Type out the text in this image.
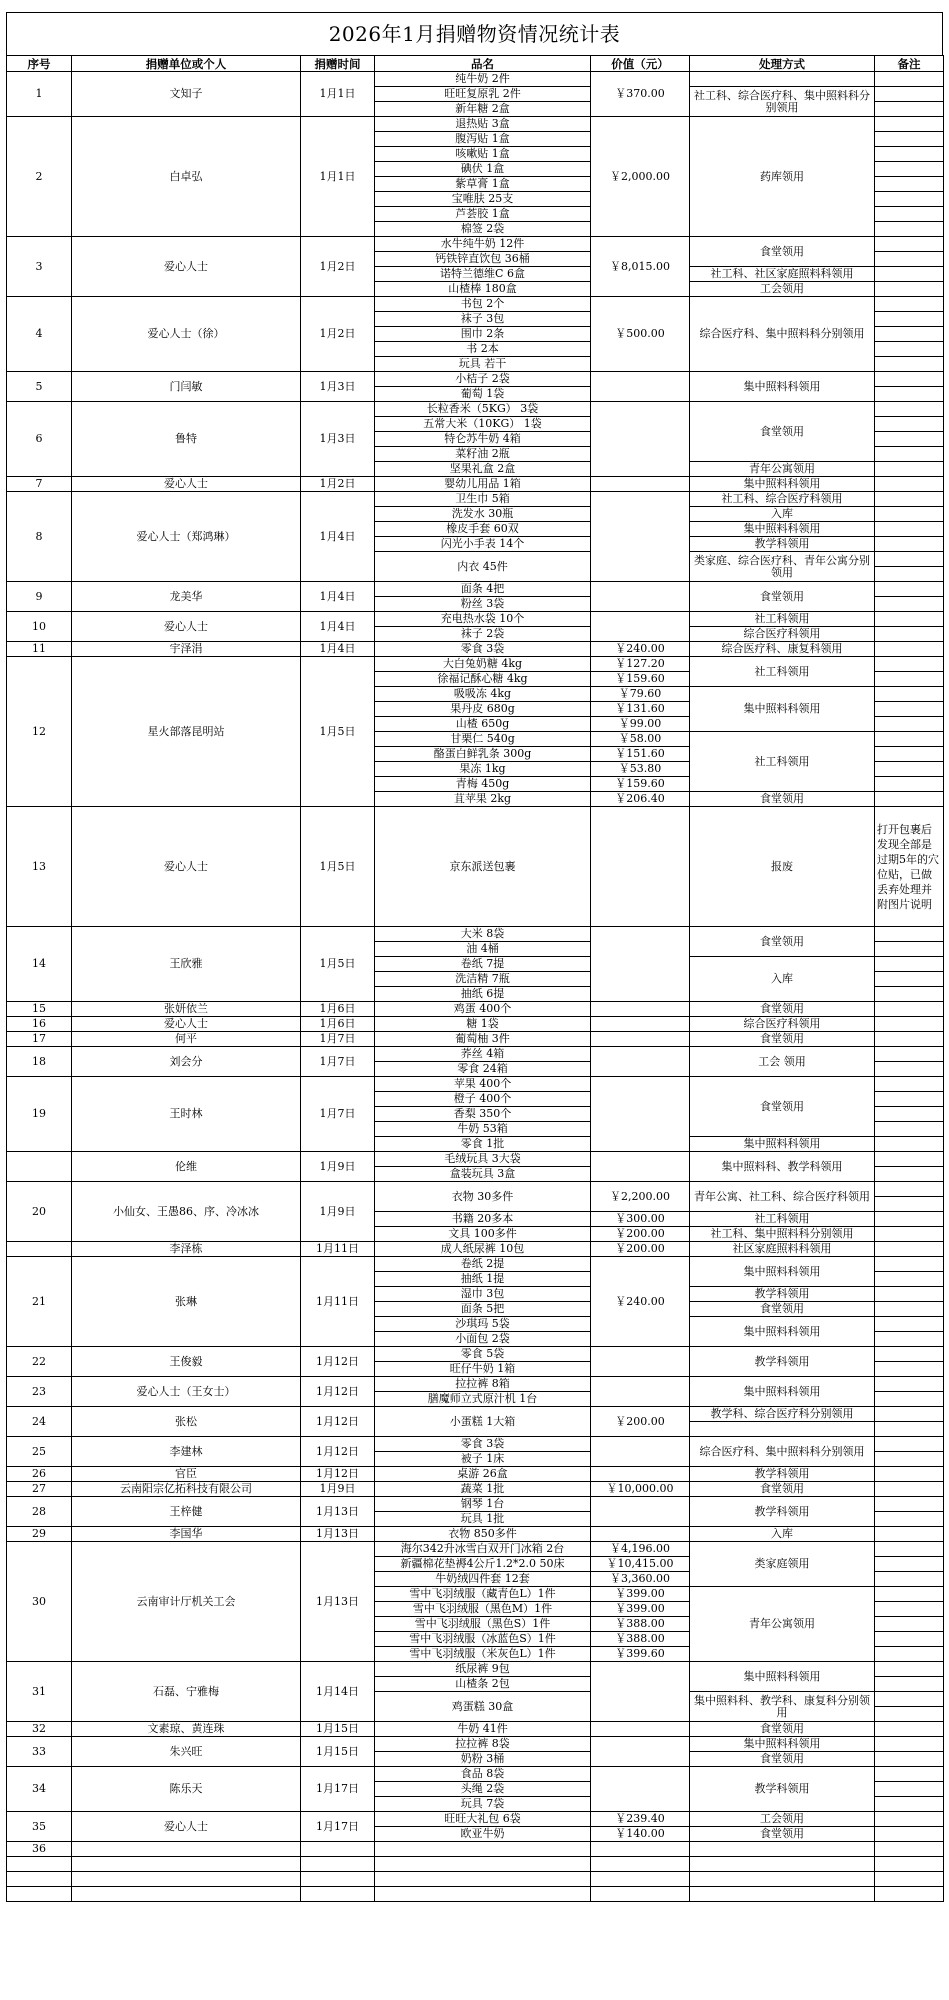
2026年1月捐赠物资情况统计表
序号	捐赠单位或个人	捐赠时间	品名	价值（元）	处理方式	备注
1	文知子	1月1日	纯牛奶 2件	￥370.00		
			旺旺复原乳 2件		社工科、综合医疗科、集中照料科分别领用	
			新年糖 2盒			
2	白卓弘	1月1日	退热贴 3盒	￥2,000.00	药库领用	
			腹泻贴 1盒			
			咳嗽贴 1盒			
			碘伏 1盒			
			紫草膏 1盒			
			宝唯肤 25支			
			芦荟胶 1盒			
			棉签 2袋			
3	爱心人士	1月2日	水牛纯牛奶 12件	￥8,015.00	食堂领用	
			钙铁锌直饮包 36桶			
			诺特兰德维C 6盒		社工科、社区家庭照料科领用	
			山楂棒 180盒		工会领用	
4	爱心人士（徐）	1月2日	书包 2个	￥500.00	综合医疗科、集中照料科分别领用	
			袜子 3包			
			围巾 2条			
			书 2本			
			玩具 若干			
5	门闫敏	1月3日	小桔子 2袋		集中照料科领用	
			葡萄 1袋			
6	鲁特	1月3日	长粒香米（5KG） 3袋		食堂领用	
			五常大米（10KG） 1袋			
			特仑苏牛奶 4箱			
			菜籽油 2瓶			
			坚果礼盒 2盒		青年公寓领用	
7	爱心人士	1月2日	婴幼儿用品 1箱		集中照料科领用	
8	爱心人士（郑鸿琳）	1月4日	卫生巾 5箱		社工科、综合医疗科领用	
			洗发水 30瓶		入库	
			橡皮手套 60双		集中照料科领用	
			闪光小手表 14个		教学科领用	
			内衣 45件		类家庭、综合医疗科、青年公寓分别领用	

9	龙美华	1月4日	面条 4把		食堂领用	
			粉丝 3袋			
10	爱心人士	1月4日	充电热水袋 10个		社工科领用	
			袜子 2袋		综合医疗科领用	
11	宇泽涓	1月4日	零食 3袋	￥240.00	综合医疗科、康复科领用	
12	星火部落昆明站	1月5日	大白兔奶糖 4kg	￥127.20	社工科领用	
			徐福记酥心糖 4kg	￥159.60		
			吸吸冻 4kg	￥79.60	集中照料科领用	
			果丹皮 680g	￥131.60		
			山楂 650g	￥99.00		
			甘栗仁 540g	￥58.00	社工科领用	
			酪蛋白鲜乳条 300g	￥151.60		
			果冻 1kg	￥53.80		
			青梅 450g	￥159.60		
			苴苹果 2kg	￥206.40	食堂领用	
13	爱心人士	1月5日	京东派送包裹		报废	打开包裹后发现全部是过期5年的穴位贴，已做丢弃处理并附图片说明

14	王欣雅	1月5日	大米 8袋		食堂领用	
			油 4桶			
			卷纸 7提		入库	
			洗洁精 7瓶			
			抽纸 6提			
15	张妍依兰	1月6日	鸡蛋 400个		食堂领用	
16	爱心人士	1月6日	糖 1袋		综合医疗科领用	
17	何平	1月7日	葡萄柚 3件		食堂领用	
18	刘会分	1月7日	荞丝 4箱		工会 领用	
			零食 24箱			
19	王时林	1月7日	苹果 400个		食堂领用	
			橙子 400个			
			香梨 350个			
			牛奶 53箱			
			零食 1批		集中照料科领用	
	伦维	1月9日	毛绒玩具 3大袋		集中照料科、教学科领用	
			盒装玩具 3盒			
20	小仙女、王愚86、序、冷冰冰	1月9日	衣物 30多件	￥2,200.00	青年公寓、社工科、综合医疗科领用	

			书籍 20多本	￥300.00	社工科领用	
			文具 100多件	￥200.00	社工科、集中照料科分别领用	
	李泽栋	1月11日	成人纸尿裤 10包	￥200.00	社区家庭照料科领用	
21	张琳	1月11日	卷纸 2提	￥240.00	集中照料科领用	
			抽纸 1提			
			湿巾 3包		教学科领用	
			面条 5把		食堂领用	
			沙琪玛 5袋		集中照料科领用	
			小面包 2袋			
22	王俊毅	1月12日	零食 5袋		教学科领用	
			旺仔牛奶 1箱			
23	爱心人士（王女士）	1月12日	拉拉裤 8箱		集中照料科领用	
			膳魔师立式原汁机 1台			
24	张松	1月12日	小蛋糕 1大箱	￥200.00	教学科、综合医疗科分别领用	

25	李建林	1月12日	零食 3袋		综合医疗科、集中照料科分别领用	
			被子 1床			
26	官臣	1月12日	桌游 26盒		教学科领用	
27	云南阳宗亿拓科技有限公司	1月9日	蔬菜 1批	￥10,000.00	食堂领用	
28	王梓健	1月13日	钢琴 1台		教学科领用	
			玩具 1批			
29	李国华	1月13日	衣物 850多件		入库	
30	云南审计厅机关工会	1月13日	海尔342升冰雪白双开门冰箱 2台	￥4,196.00	类家庭领用	
			新疆棉花垫褥4公斤1.2*2.0 50床	￥10,415.00		
			牛奶绒四件套 12套	￥3,360.00		
			雪中飞羽绒服（藏青色L）1件	￥399.00	青年公寓领用	
			雪中飞羽绒服（黑色M）1件	￥399.00		
			雪中飞羽绒服（黑色S）1件	￥388.00		
			雪中飞羽绒服（冰蓝色S）1件	￥388.00		
			雪中飞羽绒服（米灰色L）1件	￥399.60		
31	石磊、宁雅梅	1月14日	纸尿裤 9包		集中照料科领用	
			山楂条 2包			
			鸡蛋糕 30盒		集中照料科、教学科、康复科分别领用	

32	文素琼、黄连珠	1月15日	牛奶 41件		食堂领用	
33	朱兴旺	1月15日	拉拉裤 8袋		集中照料科领用	
			奶粉 3桶		食堂领用	
34	陈乐天	1月17日	食品 8袋		教学科领用	
			头绳 2袋			
			玩具 7袋			
35	爱心人士	1月17日	旺旺大礼包 6袋	￥239.40	工会领用	
			欧亚牛奶	￥140.00	食堂领用	
36						
